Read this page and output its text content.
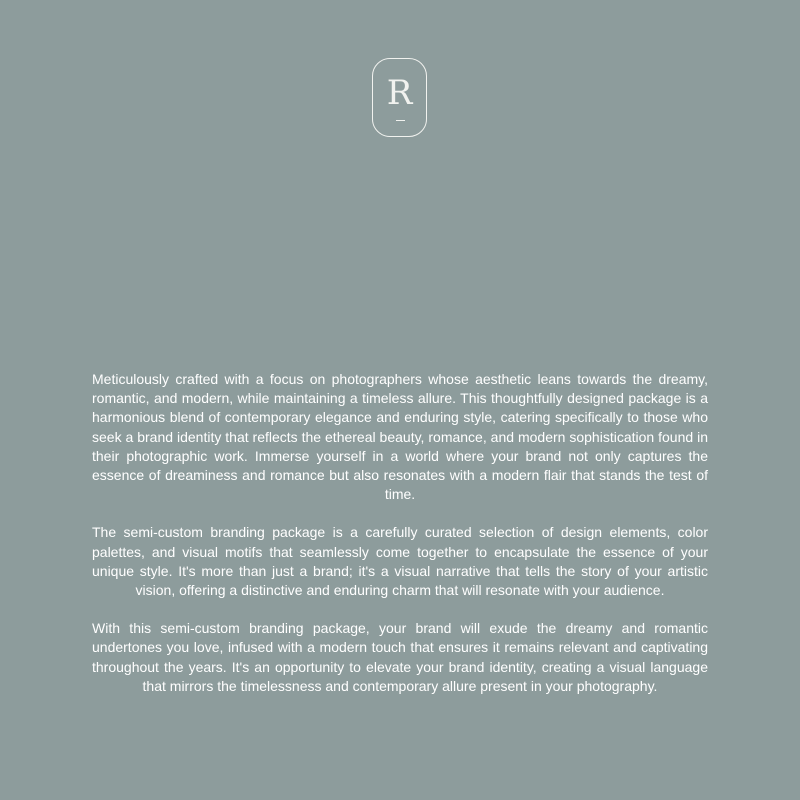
R

Meticulously crafted with a focus on photographers whose aesthetic leans towards the dreamy, romantic, and modern, while maintaining a timeless allure. This thoughtfully designed package is a harmonious blend of contemporary elegance and enduring style, catering specifically to those who seek a brand identity that reflects the ethereal beauty, romance, and modern sophistication found in their photographic work. Immerse yourself in a world where your brand not only captures the essence of dreaminess and romance but also resonates with a modern flair that stands the test of time.

The semi-custom branding package is a carefully curated selection of design elements, color palettes, and visual motifs that seamlessly come together to encapsulate the essence of your unique style. It's more than just a brand; it's a visual narrative that tells the story of your artistic vision, offering a distinctive and enduring charm that will resonate with your audience.

With this semi-custom branding package, your brand will exude the dreamy and romantic undertones you love, infused with a modern touch that ensures it remains relevant and captivating throughout the years. It's an opportunity to elevate your brand identity, creating a visual language that mirrors the timelessness and contemporary allure present in your photography.
